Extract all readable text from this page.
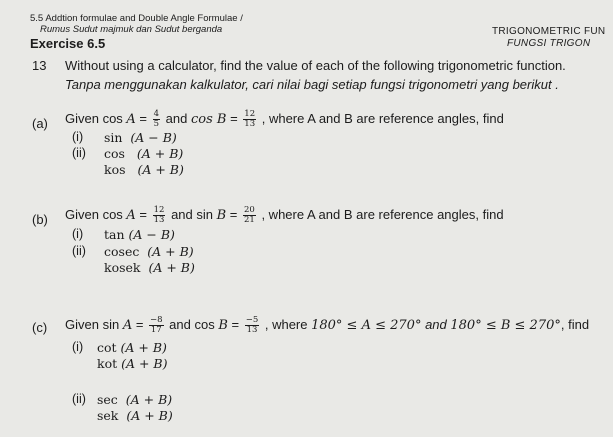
5.5 Addtion formulae and Double Angle Formulae /
Rumus Sudut majmuk dan Sudut berganda
Exercise 6.5
TRIGONOMETRIC FUN
FUNGSI TRIGON
13 Without using a calculator, find the value of each of the following trigonometric function.
Tanpa menggunakan kalkulator, cari nilai bagi setiap fungsi trigonometri yang berikut .
(a) Given $\cos A = \frac{4}{5}$ and $\cos B = \frac{12}{13}$ , where A and B are reference angles, find
(i) sin (A − B)
(ii) cos (A + B)
kos (A + B)
(b) Given $\cos A = \frac{12}{13}$ and $\sin B = \frac{20}{21}$ , where A and B are reference angles, find
(i) tan (A − B)
(ii) cosec (A + B)
kosek (A + B)
(c) Given $\sin A = \frac{-8}{17}$ and $\cos B = \frac{-5}{13}$ , where 180° ≤ A ≤ 270° and 180° ≤ B ≤ 270°, find
(i) cot (A + B)
kot (A + B)
(ii) sec (A + B)
sek (A + B)
